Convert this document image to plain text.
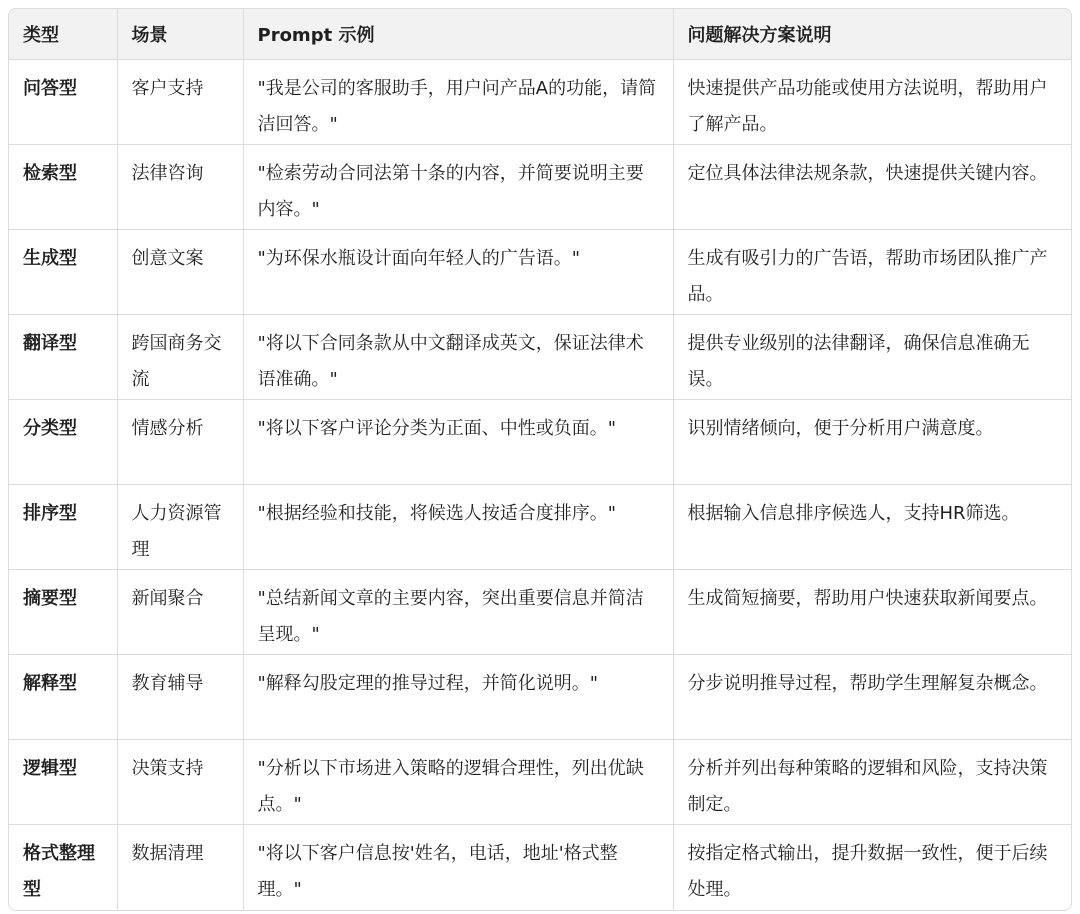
类型	场景	Prompt 示例	问题解决方案说明
问答型	客户支持	"我是公司的客服助手，用户问产品A的功能，请简洁回答。"	快速提供产品功能或使用方法说明，帮助用户了解产品。
检索型	法律咨询	"检索劳动合同法第十条的内容，并简要说明主要内容。"	定位具体法律法规条款，快速提供关键内容。
生成型	创意文案	"为环保水瓶设计面向年轻人的广告语。"	生成有吸引力的广告语，帮助市场团队推广产品。
翻译型	跨国商务交流	"将以下合同条款从中文翻译成英文，保证法律术语准确。"	提供专业级别的法律翻译，确保信息准确无误。
分类型	情感分析	"将以下客户评论分类为正面、中性或负面。"	识别情绪倾向，便于分析用户满意度。
排序型	人力资源管理	"根据经验和技能，将候选人按适合度排序。"	根据输入信息排序候选人，支持HR筛选。
摘要型	新闻聚合	"总结新闻文章的主要内容，突出重要信息并简洁呈现。"	生成简短摘要，帮助用户快速获取新闻要点。
解释型	教育辅导	"解释勾股定理的推导过程，并简化说明。"	分步说明推导过程，帮助学生理解复杂概念。
逻辑型	决策支持	"分析以下市场进入策略的逻辑合理性，列出优缺点。"	分析并列出每种策略的逻辑和风险，支持决策制定。
格式整理型	数据清理	"将以下客户信息按'姓名，电话，地址'格式整理。"	按指定格式输出，提升数据一致性，便于后续处理。
